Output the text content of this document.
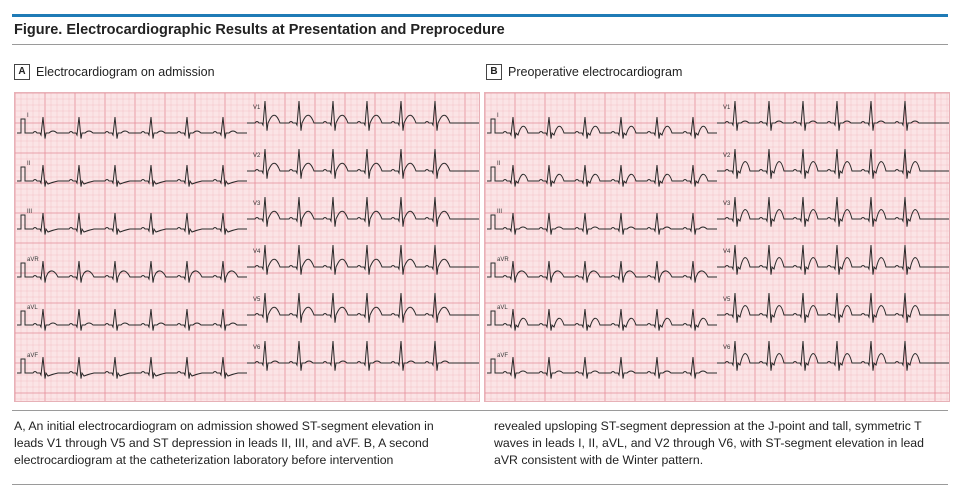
Figure. Electrocardiographic Results at Presentation and Preprocedure
A Electrocardiogram on admission
I
II
III
aVR
aVL
aVF
V1
V2
V3
V4
V5
V6
B Preoperative electrocardiogram
I
II
III
aVR
aVL
aVF
V1
V2
V3
V4
V5
V6
A, An initial electrocardiogram on admission showed ST-segment elevation in leads V1 through V5 and ST depression in leads II, III, and aVF. B, A second electrocardiogram at the catheterization laboratory before intervention
revealed upsloping ST-segment depression at the J-point and tall, symmetric T waves in leads I, II, aVL, and V2 through V6, with ST-segment elevation in lead aVR consistent with de Winter pattern.
